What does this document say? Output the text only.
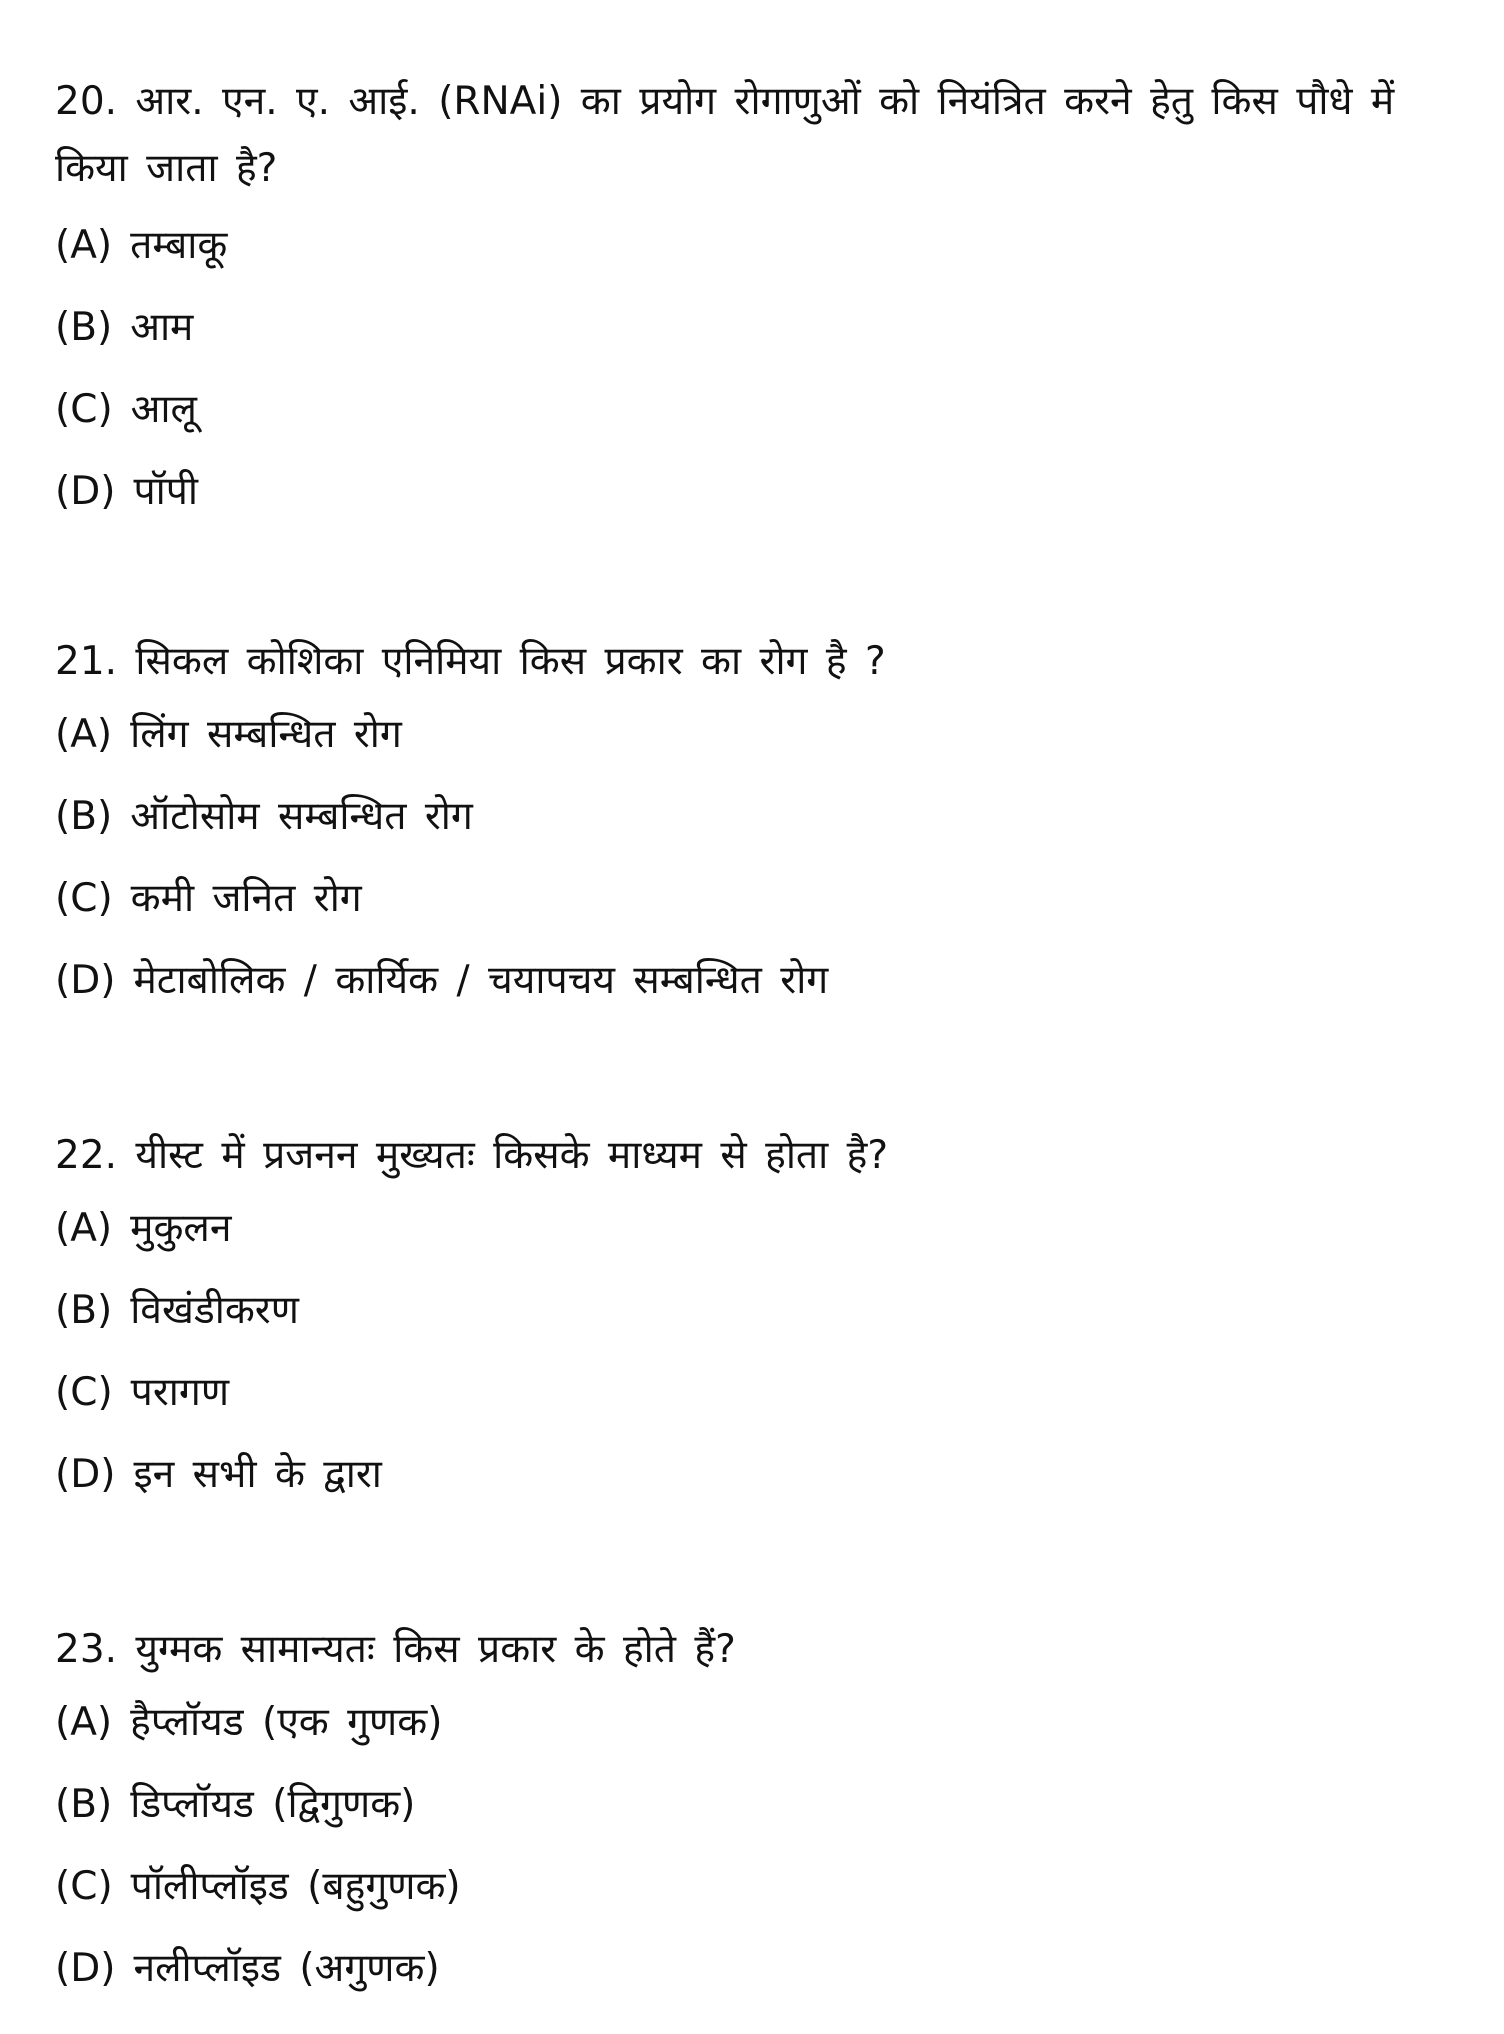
20. आर. एन. ए. आई. (RNAi) का प्रयोग रोगाणुओं को नियंत्रित करने हेतु किस पौधे में किया जाता है?

(A) तम्बाकू
(B) आम
(C) आलू
(D) पॉपी

21. सिकल कोशिका एनिमिया किस प्रकार का रोग है ?

(A) लिंग सम्बन्धित रोग
(B) ऑटोसोम सम्बन्धित रोग
(C) कमी जनित रोग
(D) मेटाबोलिक / कार्यिक / चयापचय सम्बन्धित रोग

22. यीस्ट में प्रजनन मुख्यतः किसके माध्यम से होता है?

(A) मुकुलन
(B) विखंडीकरण
(C) परागण
(D) इन सभी के द्वारा

23. युग्मक सामान्यतः किस प्रकार के होते हैं?

(A) हैप्लॉयड (एक गुणक)
(B) डिप्लॉयड (द्विगुणक)
(C) पॉलीप्लॉइड (बहुगुणक)
(D) नलीप्लॉइड (अगुणक)
